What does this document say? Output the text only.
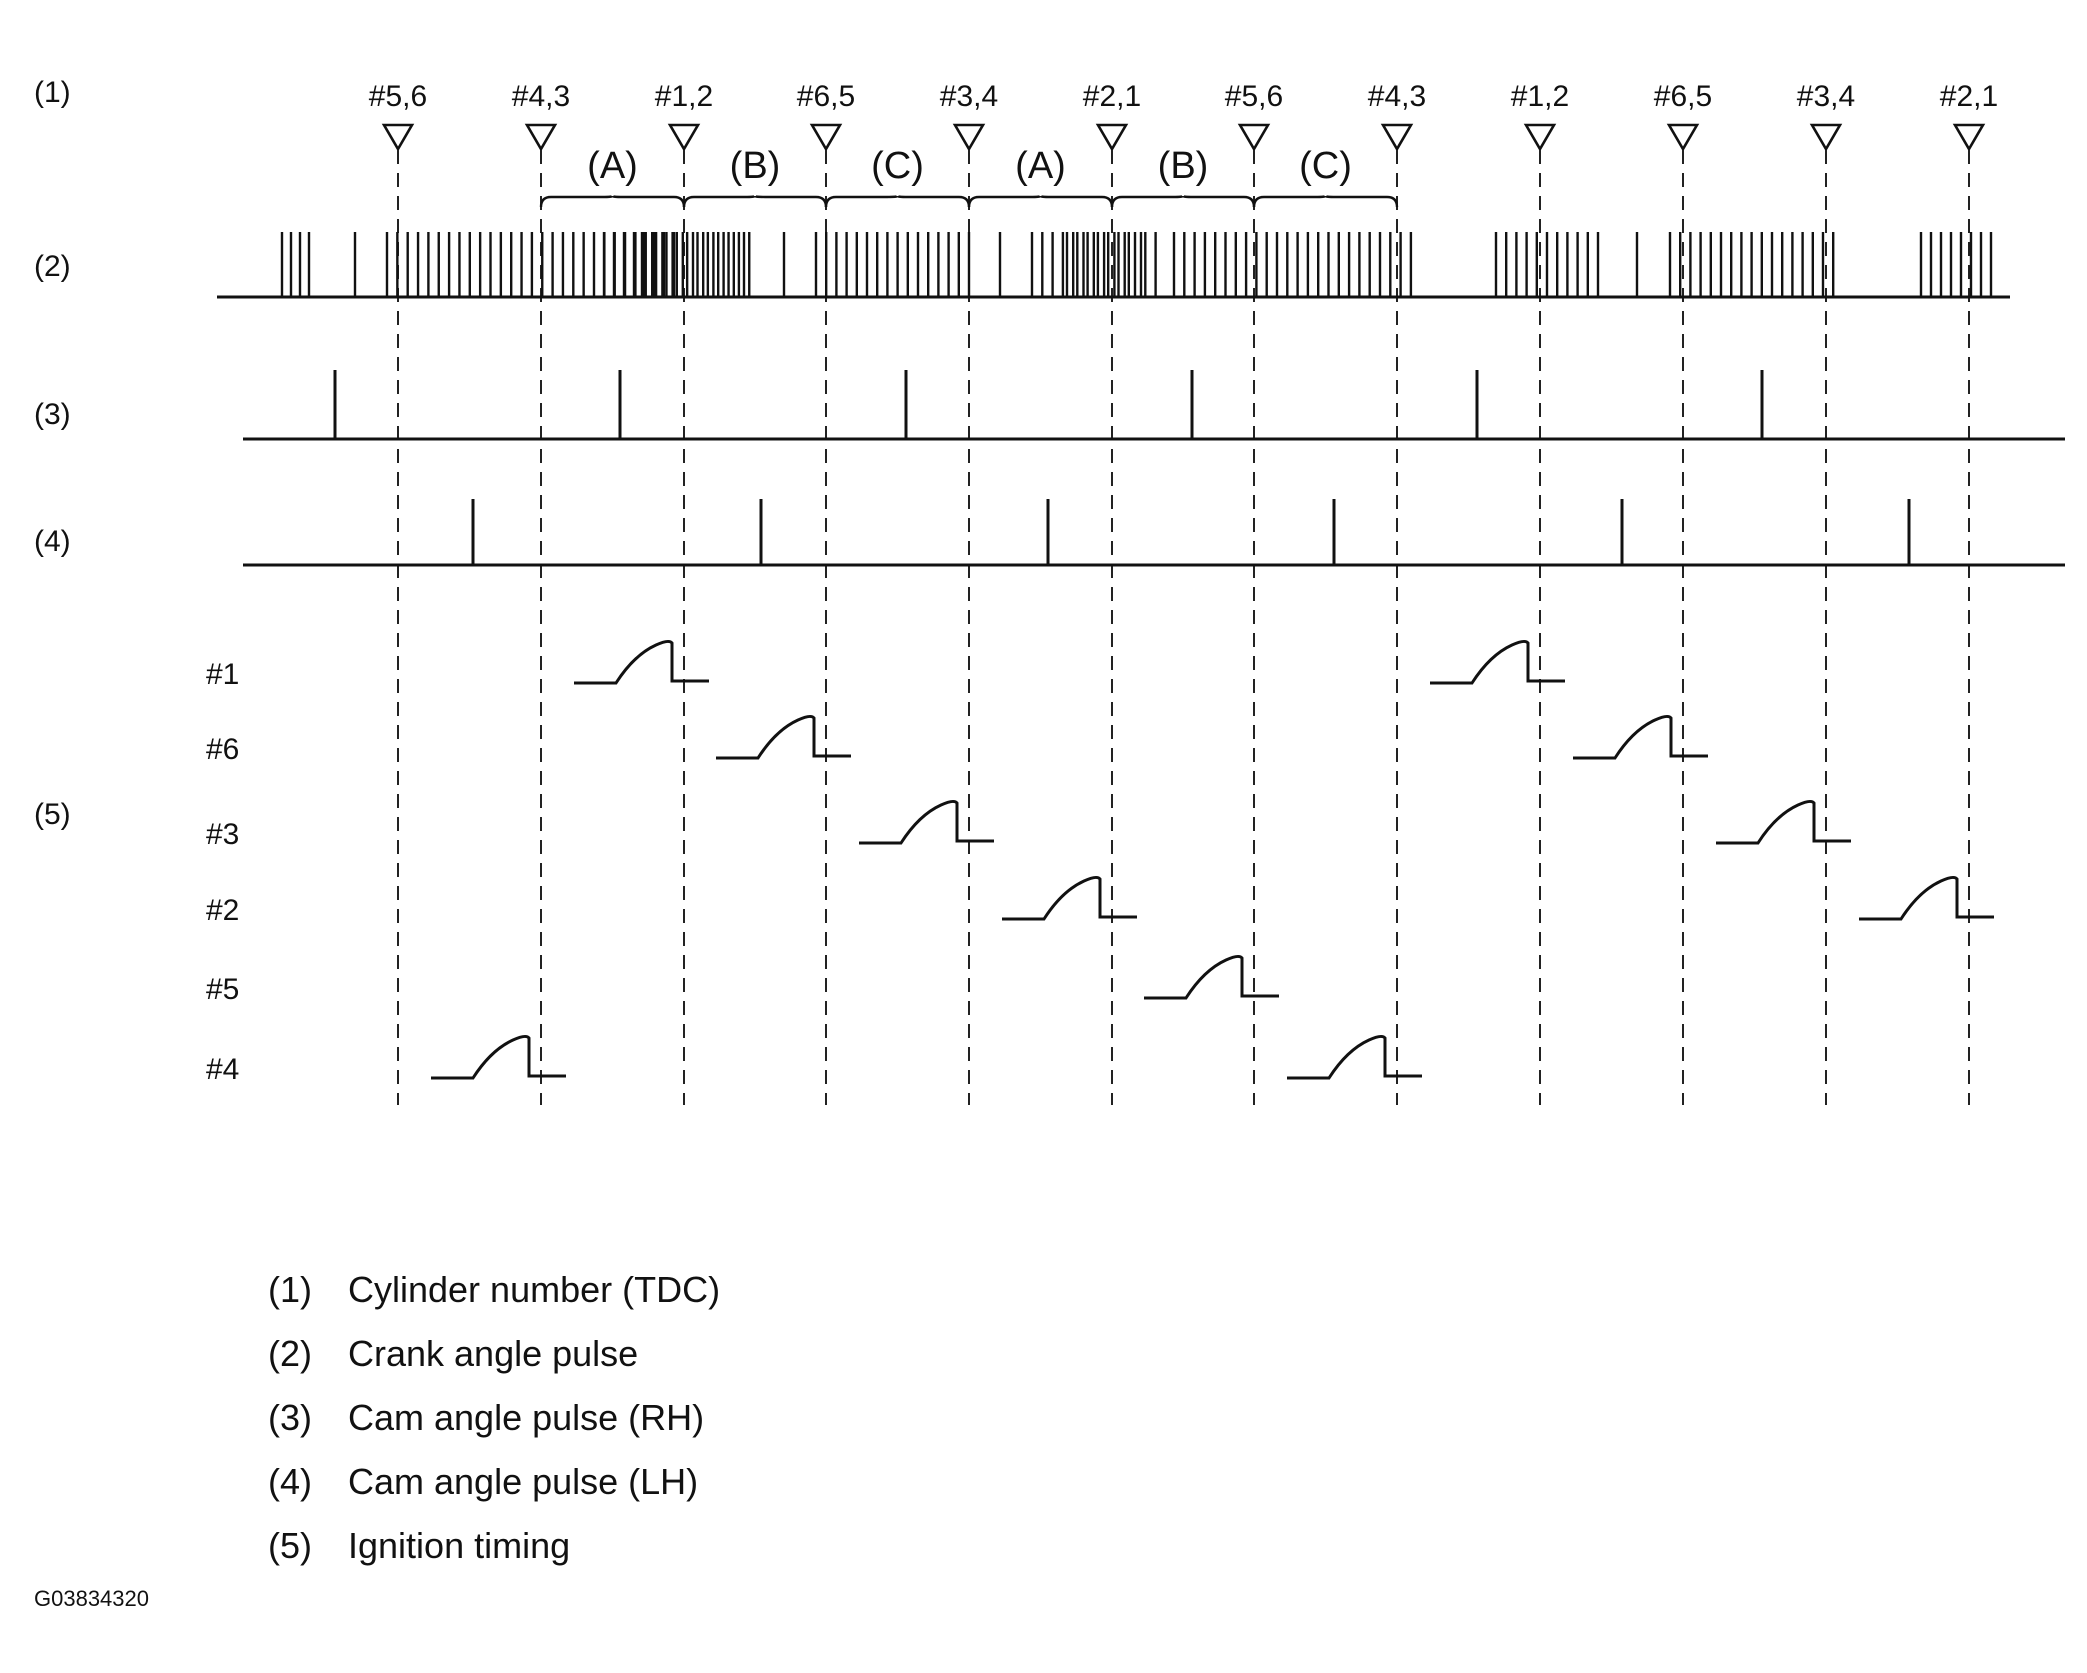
(1)
(2)
(3)
(4)
(5)
#5,6	#4,3	#1,2	#6,5	#3,4	#2,1	#5,6	#4,3	#1,2	#6,5	#3,4	#2,1
(A) (B) (C) (A) (B) (C)
#1
#6
#3
#2
#5
#4
(1) Cylinder number (TDC)
(2) Crank angle pulse
(3) Cam angle pulse (RH)
(4) Cam angle pulse (LH)
(5) Ignition timing
G03834320
